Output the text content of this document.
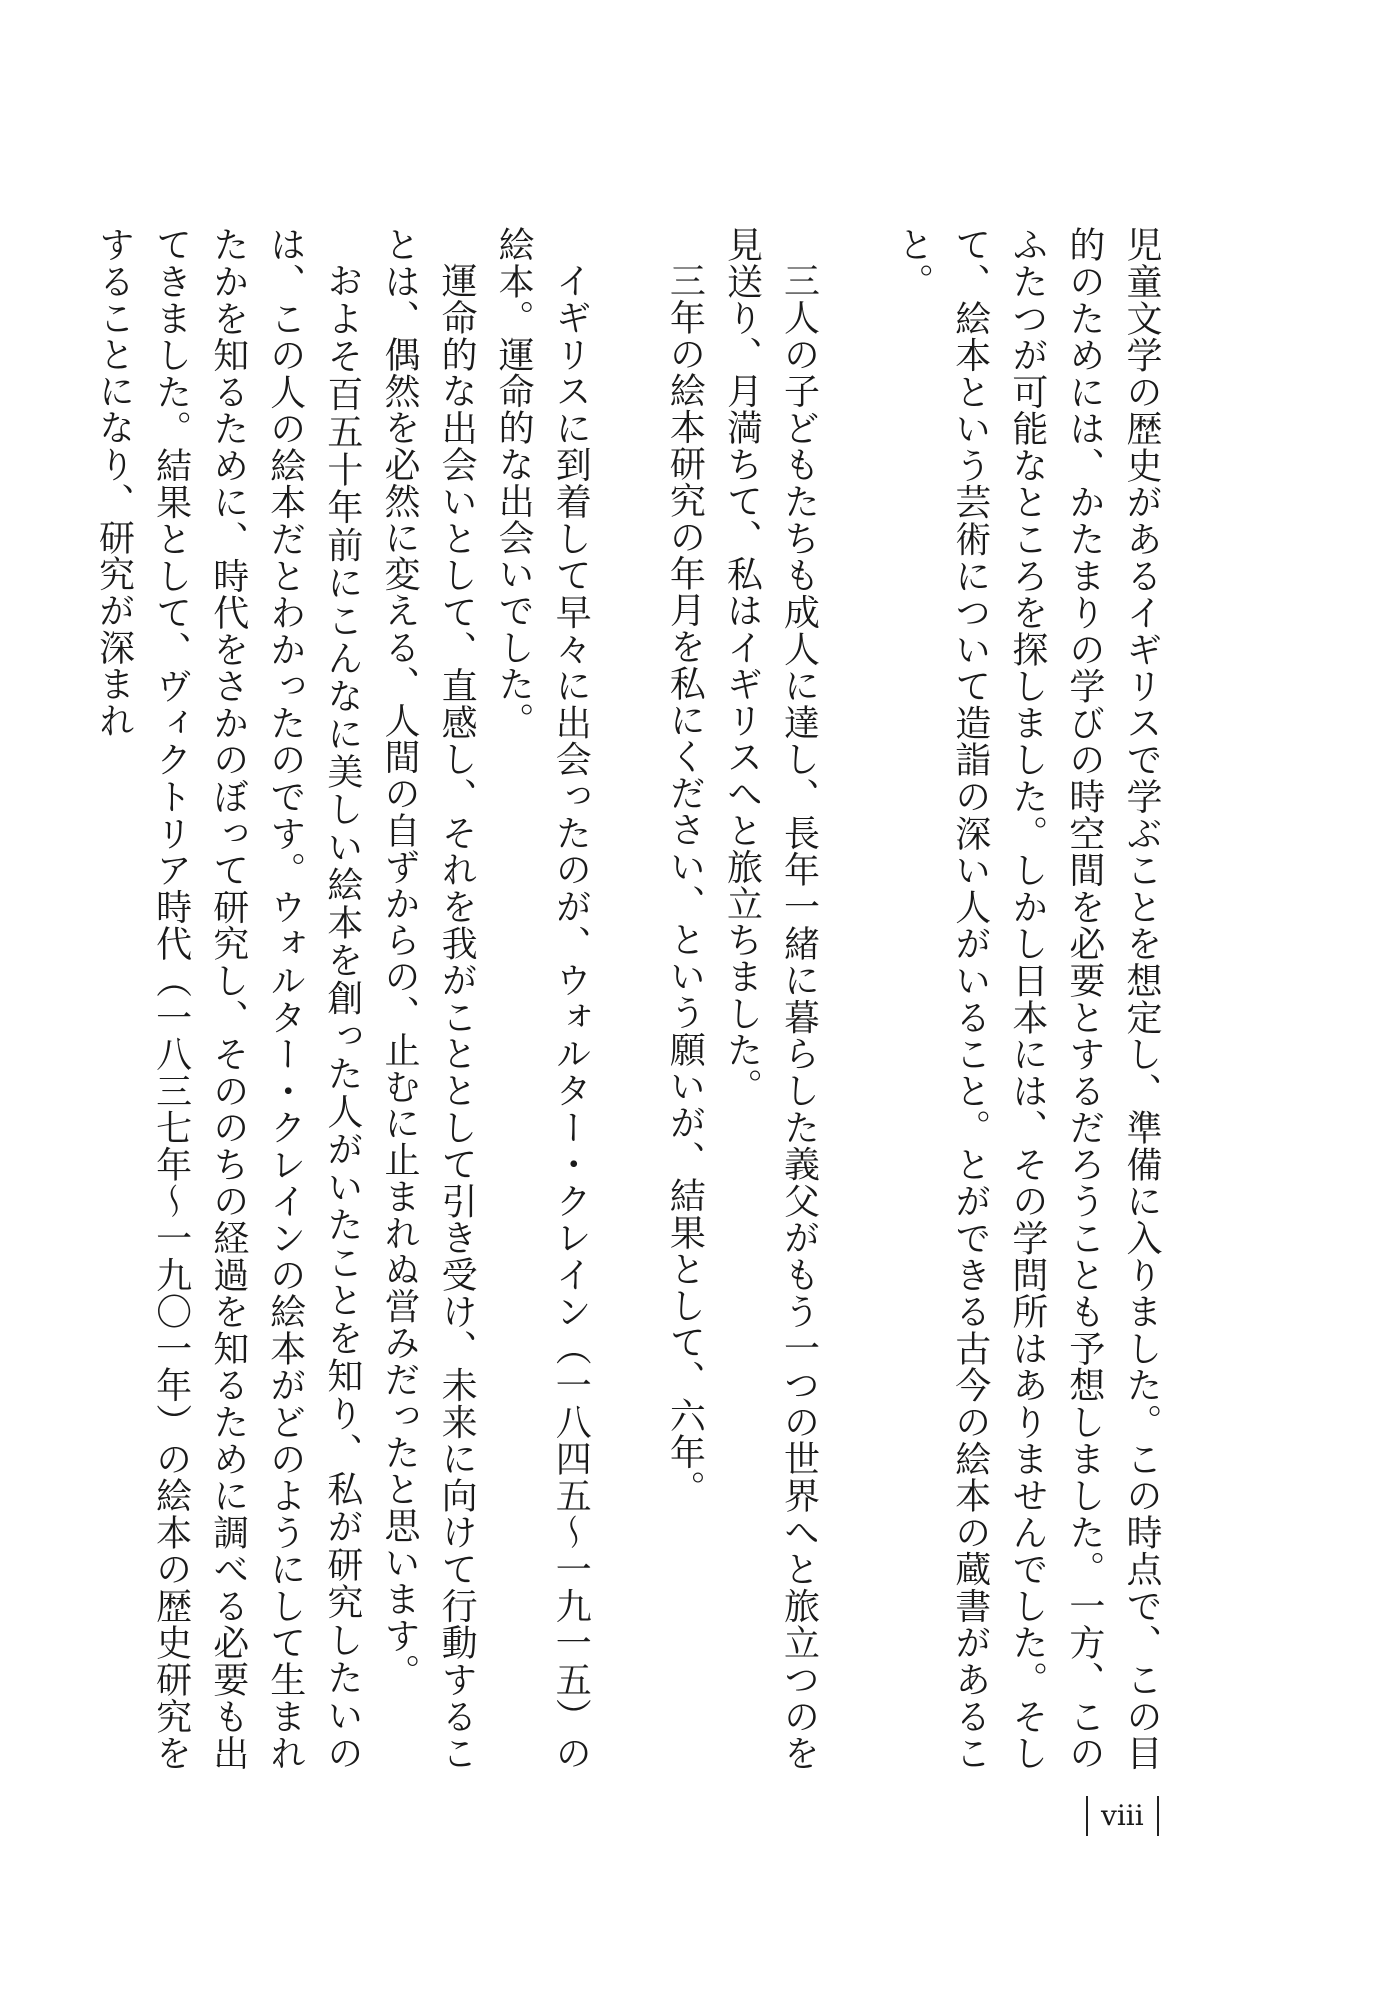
児童文学の歴史があるイギリスで学ぶことを想定し、準備に入りました。この時点で、この目的のためには、かたまりの学びの時空間を必要とするだろうことも予想しました。一方、このふたつが可能なところを探しました。しかし日本には、その学問所はありませんでした。そして、絵本という芸術について造詣の深い人がいること。とができる古今の絵本の蔵書があること。

三人の子どもたちも成人に達し、長年一緒に暮らした義父がもう一つの世界へと旅立つのを見送り、月満ちて、私はイギリスへと旅立ちました。

三年の絵本研究の年月を私にください、という願いが、結果として、六年。

イギリスに到着して早々に出会ったのが、ウォルター・クレイン（一八四五〜一九一五）の絵本。運命的な出会いでした。

運命的な出会いとして、直感し、それを我がこととして引き受け、未来に向けて行動することは、偶然を必然に変える、人間の自ずからの、止むに止まれぬ営みだったと思います。

およそ百五十年前にこんなに美しい絵本を創った人がいたことを知り、私が研究したいのは、この人の絵本だとわかったのです。ウォルター・クレインの絵本がどのようにして生まれたかを知るために、時代をさかのぼって研究し、そののちの経過を知るために調べる必要も出てきました。結果として、ヴィクトリア時代（一八三七年〜一九〇一年）の絵本の歴史研究をすることになり、研究が深まれ

viii
